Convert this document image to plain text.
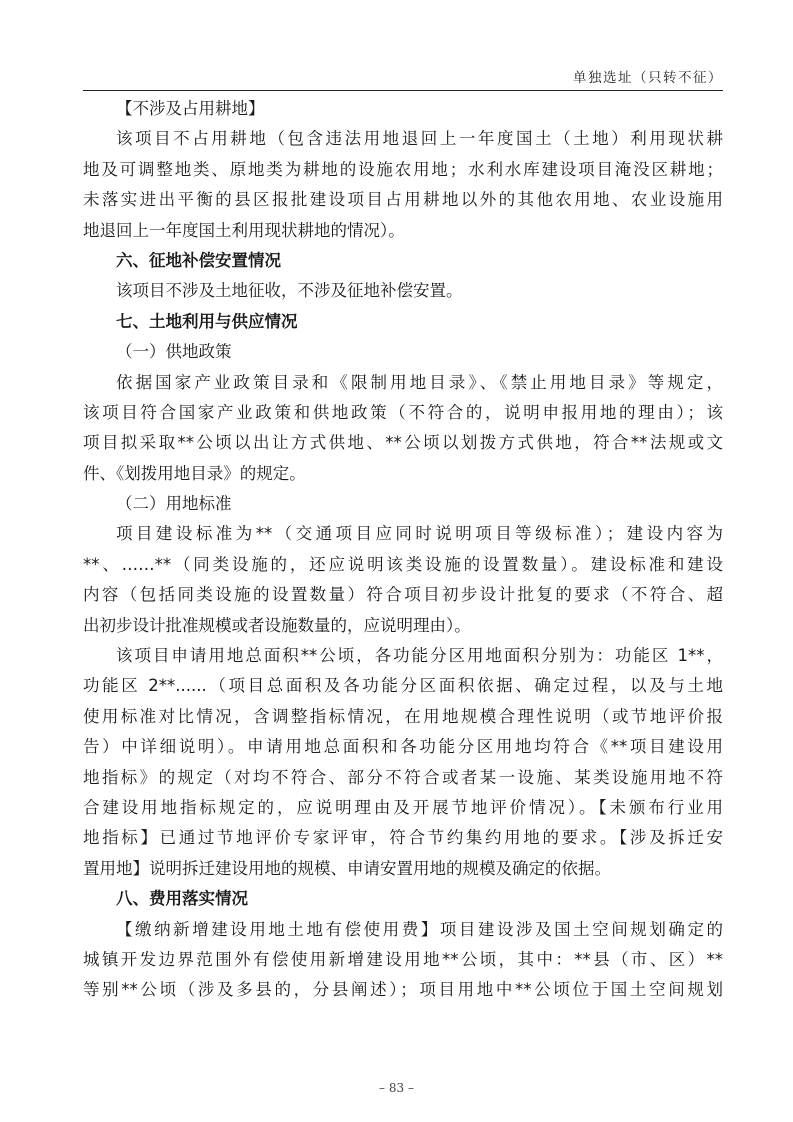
单独选址（只转不征）
【不涉及占用耕地】
该项目不占用耕地（包含违法用地退回上一年度国土（土地）利用现状耕
地及可调整地类、原地类为耕地的设施农用地；水利水库建设项目淹没区耕地；
未落实进出平衡的县区报批建设项目占用耕地以外的其他农用地、农业设施用
地退回上一年度国土利用现状耕地的情况）。
六、征地补偿安置情况
该项目不涉及土地征收，不涉及征地补偿安置。
七、土地利用与供应情况
（一）供地政策
依据国家产业政策目录和《限制用地目录》、《禁止用地目录》等规定，
该项目符合国家产业政策和供地政策（不符合的，说明申报用地的理由）；该
项目拟采取**公顷以出让方式供地、**公顷以划拨方式供地，符合**法规或文
件、《划拨用地目录》的规定。
（二）用地标准
项目建设标准为**（交通项目应同时说明项目等级标准）；建设内容为
**、……**（同类设施的，还应说明该类设施的设置数量）。建设标准和建设
内容（包括同类设施的设置数量）符合项目初步设计批复的要求（不符合、超
出初步设计批准规模或者设施数量的，应说明理由）。
该项目申请用地总面积**公顷，各功能分区用地面积分别为：功能区 1**，
功能区 2**......（项目总面积及各功能分区面积依据、确定过程，以及与土地
使用标准对比情况，含调整指标情况，在用地规模合理性说明（或节地评价报
告）中详细说明）。申请用地总面积和各功能分区用地均符合《**项目建设用
地指标》的规定（对均不符合、部分不符合或者某一设施、某类设施用地不符
合建设用地指标规定的，应说明理由及开展节地评价情况）。【未颁布行业用
地指标】已通过节地评价专家评审，符合节约集约用地的要求。【涉及拆迁安
置用地】说明拆迁建设用地的规模、申请安置用地的规模及确定的依据。
八、费用落实情况
【缴纳新增建设用地土地有偿使用费】项目建设涉及国土空间规划确定的
城镇开发边界范围外有偿使用新增建设用地**公顷，其中：**县（市、区）**
等别**公顷（涉及多县的，分县阐述）；项目用地中**公顷位于国土空间规划
– 83 –
